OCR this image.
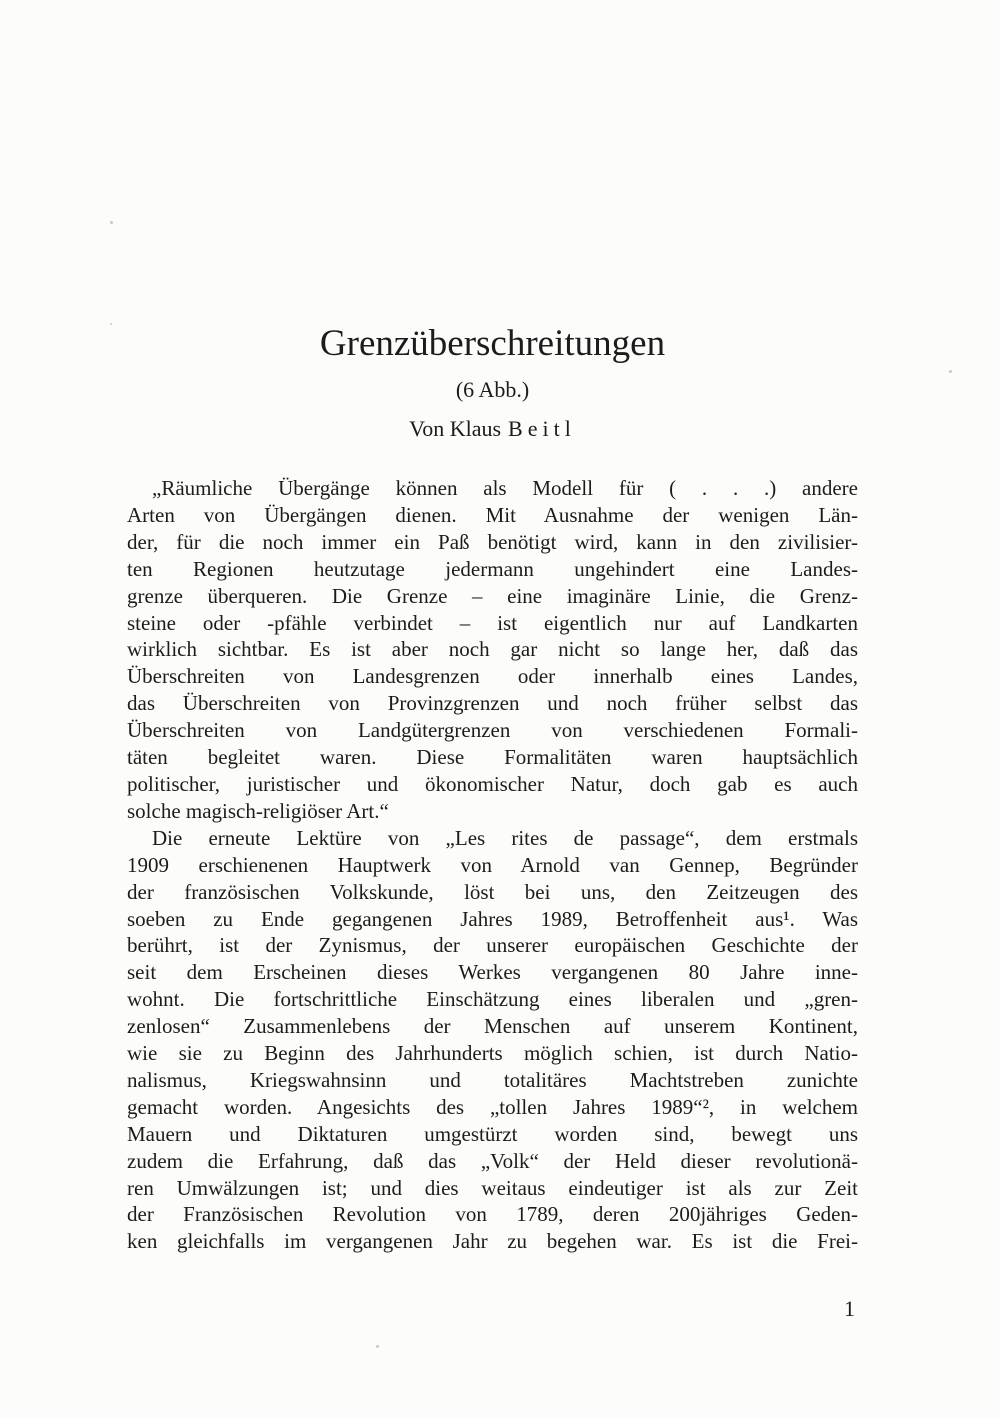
Grenzüberschreitungen
(6 Abb.)
Von Klaus Beitl
„Räumliche Übergänge können als Modell für ( . . .) andere
Arten von Übergängen dienen. Mit Ausnahme der wenigen Län-
der, für die noch immer ein Paß benötigt wird, kann in den zivilisier-
ten Regionen heutzutage jedermann ungehindert eine Landes-
grenze überqueren. Die Grenze – eine imaginäre Linie, die Grenz-
steine oder -pfähle verbindet – ist eigentlich nur auf Landkarten
wirklich sichtbar. Es ist aber noch gar nicht so lange her, daß das
Überschreiten von Landesgrenzen oder innerhalb eines Landes,
das Überschreiten von Provinzgrenzen und noch früher selbst das
Überschreiten von Landgütergrenzen von verschiedenen Formali-
täten begleitet waren. Diese Formalitäten waren hauptsächlich
politischer, juristischer und ökonomischer Natur, doch gab es auch
solche magisch-religiöser Art.“
Die erneute Lektüre von „Les rites de passage“, dem erstmals
1909 erschienenen Hauptwerk von Arnold van Gennep, Begründer
der französischen Volkskunde, löst bei uns, den Zeitzeugen des
soeben zu Ende gegangenen Jahres 1989, Betroffenheit aus¹. Was
berührt, ist der Zynismus, der unserer europäischen Geschichte der
seit dem Erscheinen dieses Werkes vergangenen 80 Jahre inne-
wohnt. Die fortschrittliche Einschätzung eines liberalen und „gren-
zenlosen“ Zusammenlebens der Menschen auf unserem Kontinent,
wie sie zu Beginn des Jahrhunderts möglich schien, ist durch Natio-
nalismus, Kriegswahnsinn und totalitäres Machtstreben zunichte
gemacht worden. Angesichts des „tollen Jahres 1989“², in welchem
Mauern und Diktaturen umgestürzt worden sind, bewegt uns
zudem die Erfahrung, daß das „Volk“ der Held dieser revolutionä-
ren Umwälzungen ist; und dies weitaus eindeutiger ist als zur Zeit
der Französischen Revolution von 1789, deren 200jähriges Geden-
ken gleichfalls im vergangenen Jahr zu begehen war. Es ist die Frei-
1
